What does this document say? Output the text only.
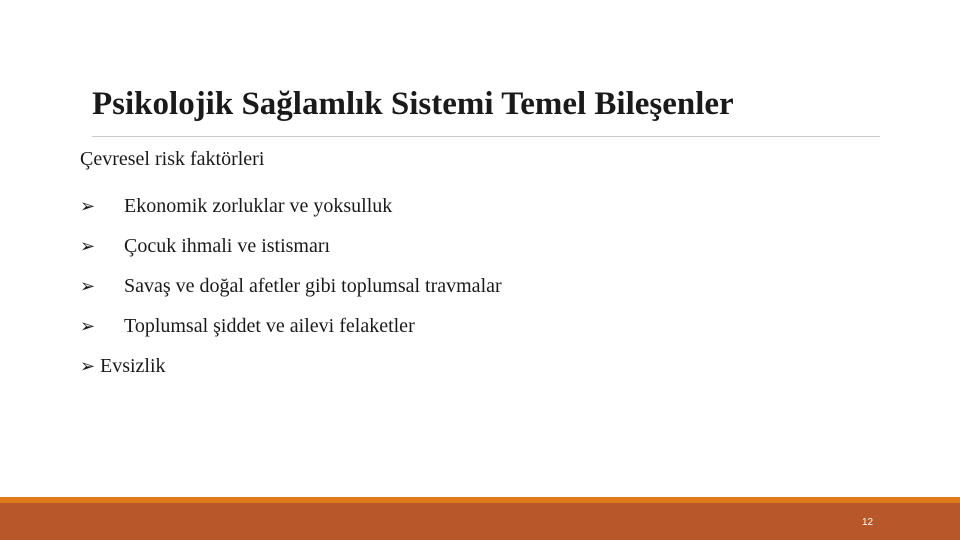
Psikolojik Sağlamlık Sistemi Temel Bileşenler
Çevresel risk faktörleri
➢	Ekonomik zorluklar ve yoksulluk
➢	Çocuk ihmali ve istismarı
➢	Savaş ve doğal afetler gibi toplumsal travmalar
➢	Toplumsal şiddet ve ailevi felaketler
➢ Evsizlik
12
